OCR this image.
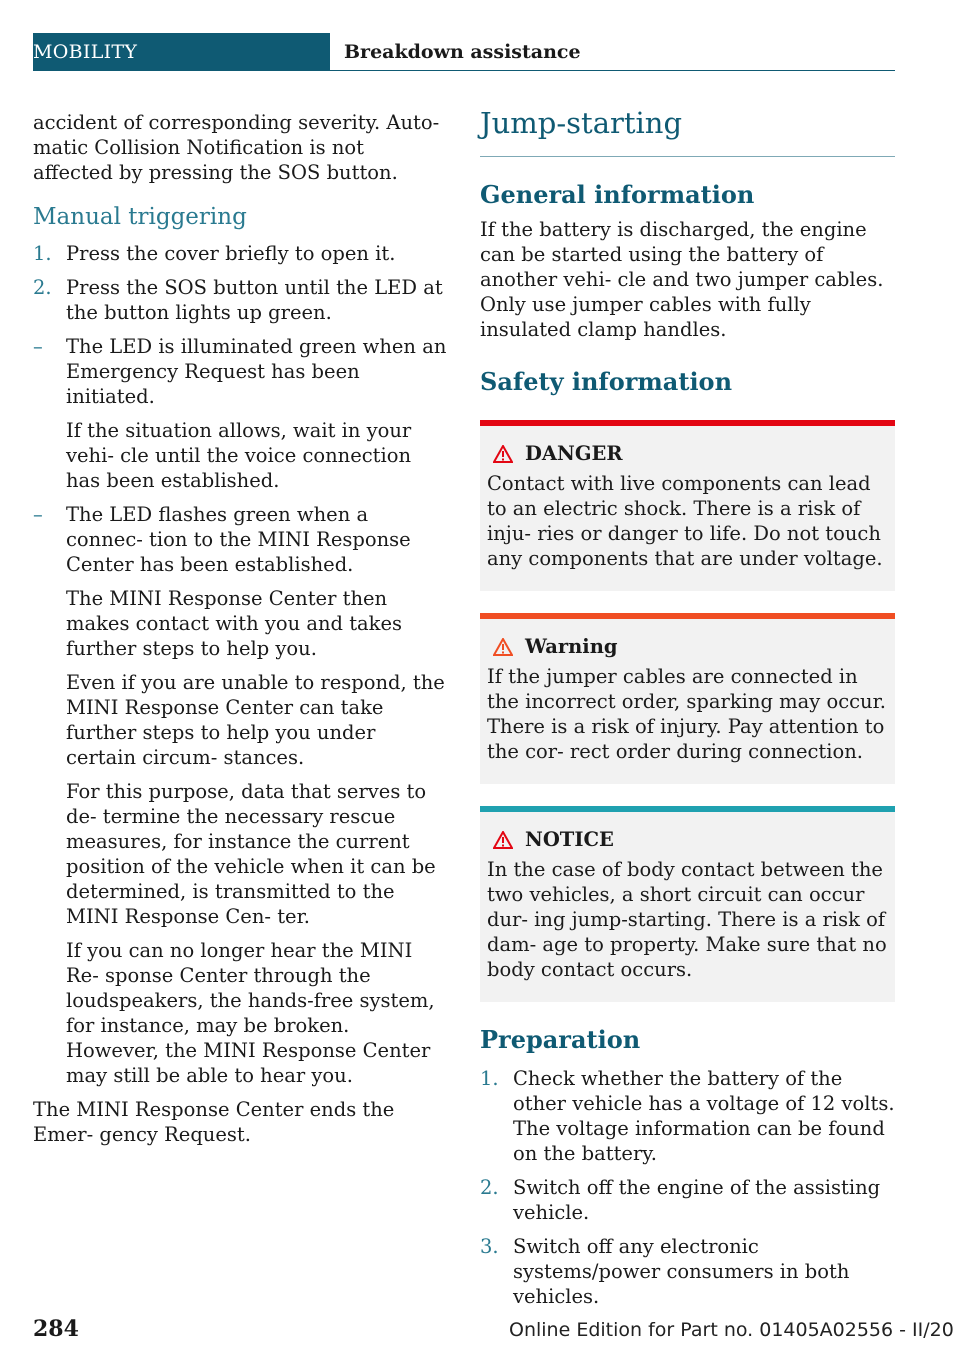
MOBILITY	Breakdown assistance

accident of corresponding severity. Auto- matic Collision Notification is not affected by pressing the SOS button.

Manual triggering
1. Press the cover briefly to open it.
2. Press the SOS button until the LED at the button lights up green.
–	The LED is illuminated green when an Emergency Request has been initiated.
If the situation allows, wait in your vehi- cle until the voice connection has been established.
–	The LED flashes green when a connec- tion to the MINI Response Center has been established.
The MINI Response Center then makes contact with you and takes further steps to help you.
Even if you are unable to respond, the MINI Response Center can take further steps to help you under certain circum- stances.
For this purpose, data that serves to de- termine the necessary rescue measures, for instance the current position of the vehicle when it can be determined, is transmitted to the MINI Response Cen- ter.
If you can no longer hear the MINI Re- sponse Center through the loudspeakers, the hands-free system, for instance, may be broken. However, the MINI Response Center may still be able to hear you.

The MINI Response Center ends the Emer- gency Request.

Jump-starting
General information

If the battery is discharged, the engine can be started using the battery of another vehi- cle and two jumper cables. Only use jumper cables with fully insulated clamp handles.

Safety information
DANGER

Contact with live components can lead to an electric shock. There is a risk of inju- ries or danger to life. Do not touch any components that are under voltage.

Warning

If the jumper cables are connected in the incorrect order, sparking may occur. There is a risk of injury. Pay attention to the cor- rect order during connection.

NOTICE

In the case of body contact between the two vehicles, a short circuit can occur dur- ing jump-starting. There is a risk of dam- age to property. Make sure that no body contact occurs.

Preparation
1. Check whether the battery of the other vehicle has a voltage of 12 volts. The voltage information can be found on the battery.
2. Switch off the engine of the assisting vehicle.
3. Switch off any electronic systems/power consumers in both vehicles.
284	Online Edition for Part no. 01405A02556 - II/20
